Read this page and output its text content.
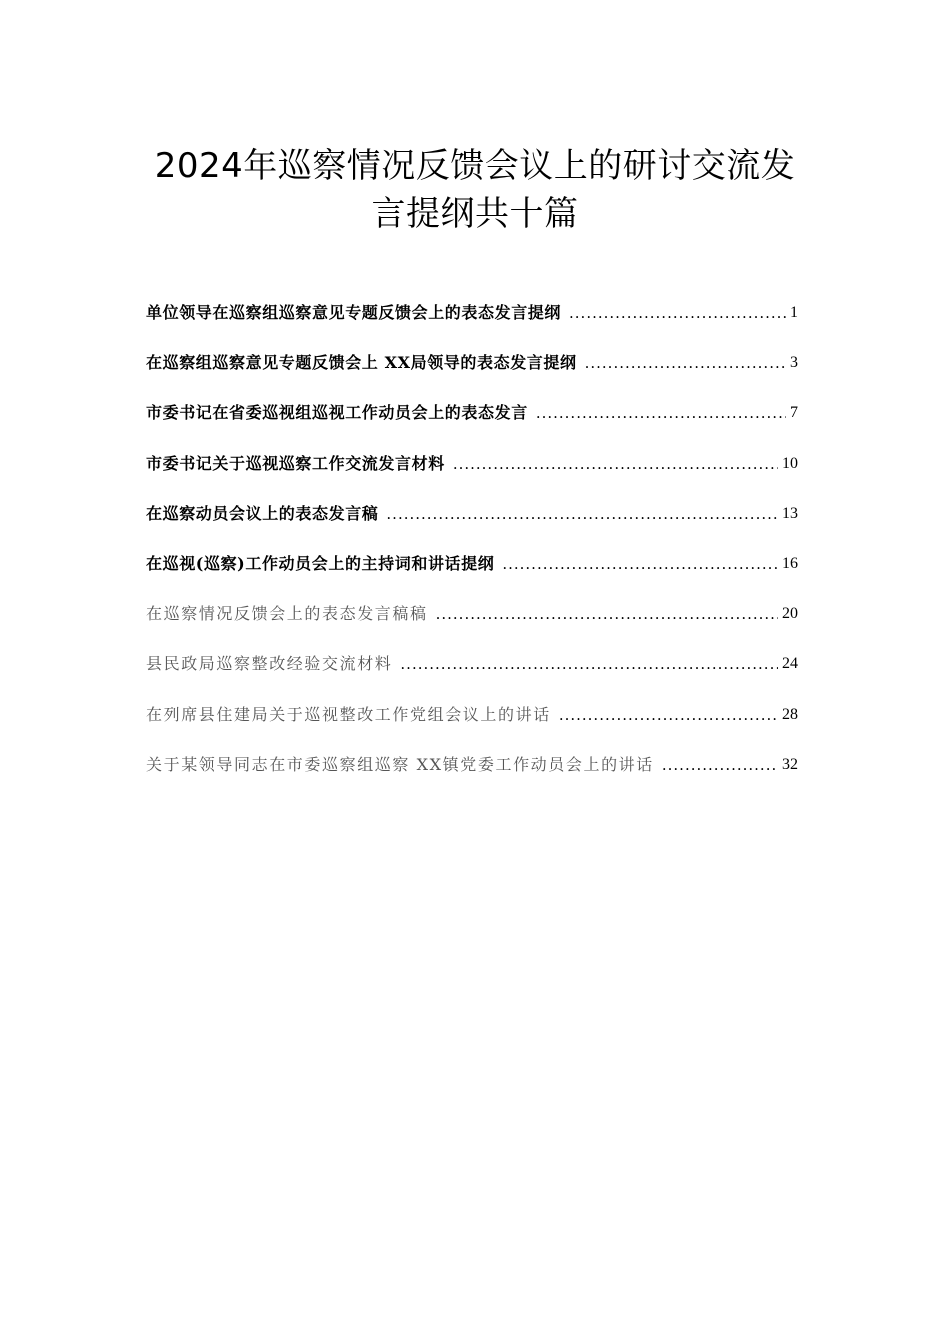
2024年巡察情况反馈会议上的研讨交流发
言提纲共十篇
单位领导在巡察组巡察意见专题反馈会上的表态发言提纲 .....	1
在巡察组巡察意见专题反馈会上 XX局领导的表态发言提纲 .....	3
市委书记在省委巡视组巡视工作动员会上的表态发言 .....	7
市委书记关于巡视巡察工作交流发言材料 .....	10
在巡察动员会议上的表态发言稿 .....	13
在巡视(巡察)工作动员会上的主持词和讲话提纲 .....	16
在巡察情况反馈会上的表态发言稿稿 .....	20
县民政局巡察整改经验交流材料 .....	24
在列席县住建局关于巡视整改工作党组会议上的讲话 .....	28
关于某领导同志在市委巡察组巡察 XX镇党委工作动员会上的讲话 .....	32
